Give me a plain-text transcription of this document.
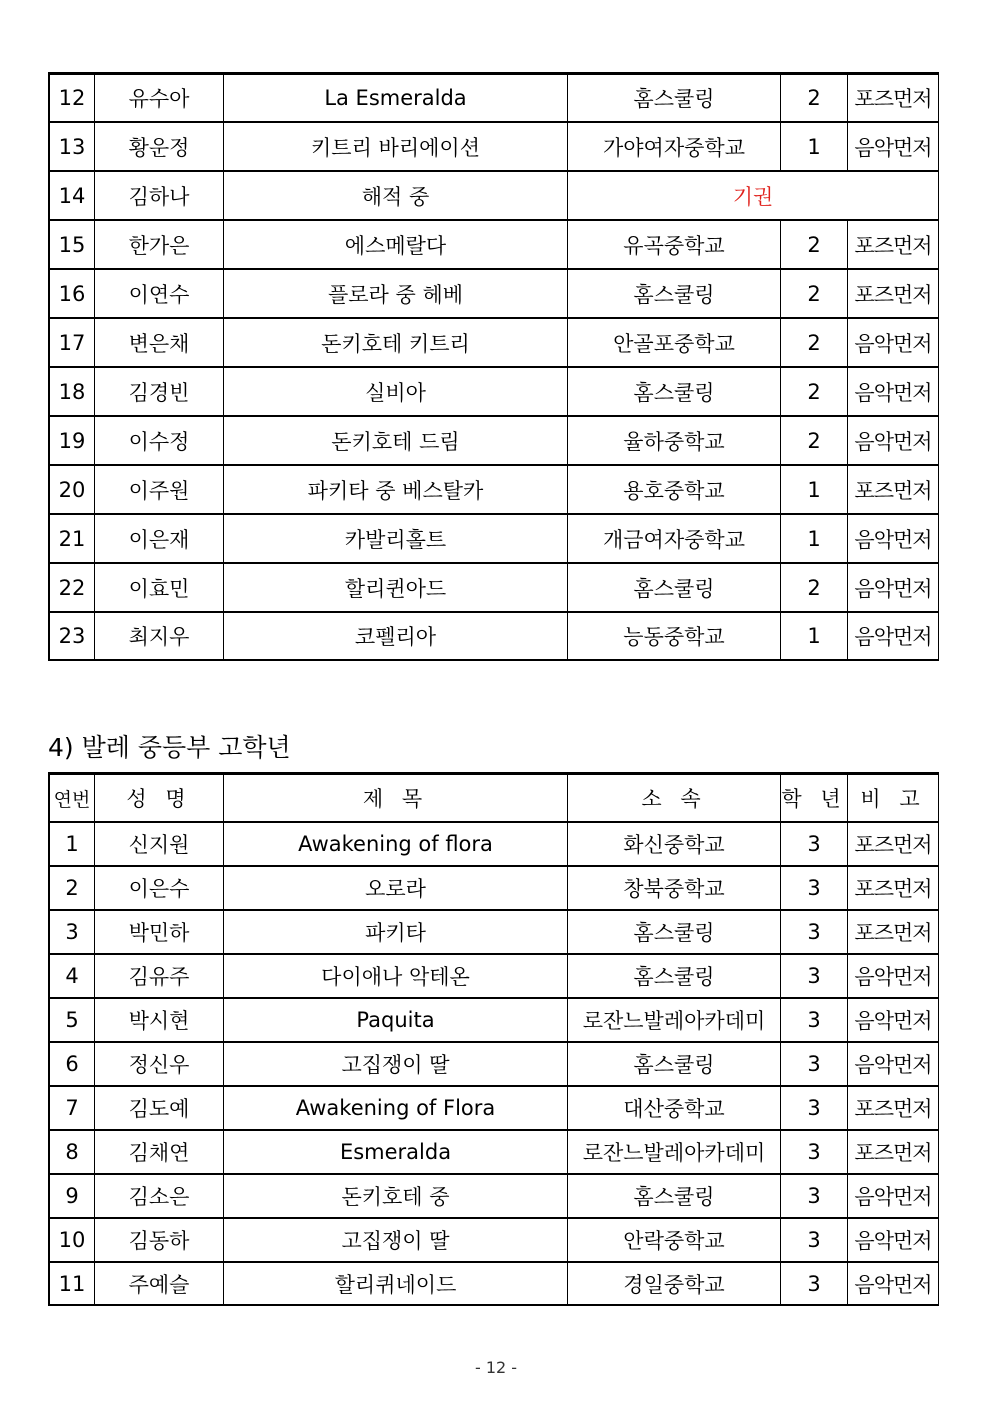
12	유수아	La Esmeralda	홈스쿨링	2	포즈먼저
13	황운정	키트리 바리에이션	가야여자중학교	1	음악먼저
14	김하나	해적 중	기권		
15	한가은	에스메랄다	유곡중학교	2	포즈먼저
16	이연수	플로라 중 헤베	홈스쿨링	2	포즈먼저
17	변은채	돈키호테 키트리	안골포중학교	2	음악먼저
18	김경빈	실비아	홈스쿨링	2	음악먼저
19	이수정	돈키호테 드림	율하중학교	2	음악먼저
20	이주원	파키타 중 베스탈카	용호중학교	1	포즈먼저
21	이은재	카발리홀트	개금여자중학교	1	음악먼저
22	이효민	할리퀸아드	홈스쿨링	2	음악먼저
23	최지우	코펠리아	능동중학교	1	음악먼저
4) 발레 중등부 고학년
연번	성 명	제 목	소 속	학 년	비 고
1	신지원	Awakening of flora	화신중학교	3	포즈먼저
2	이은수	오로라	창북중학교	3	포즈먼저
3	박민하	파키타	홈스쿨링	3	포즈먼저
4	김유주	다이애나 악테온	홈스쿨링	3	음악먼저
5	박시현	Paquita	로잔느발레아카데미	3	음악먼저
6	정신우	고집쟁이 딸	홈스쿨링	3	음악먼저
7	김도예	Awakening of Flora	대산중학교	3	포즈먼저
8	김채연	Esmeralda	로잔느발레아카데미	3	포즈먼저
9	김소은	돈키호테 중	홈스쿨링	3	음악먼저
10	김동하	고집쟁이 딸	안락중학교	3	음악먼저
11	주예슬	할리퀴네이드	경일중학교	3	음악먼저
- 12 -
